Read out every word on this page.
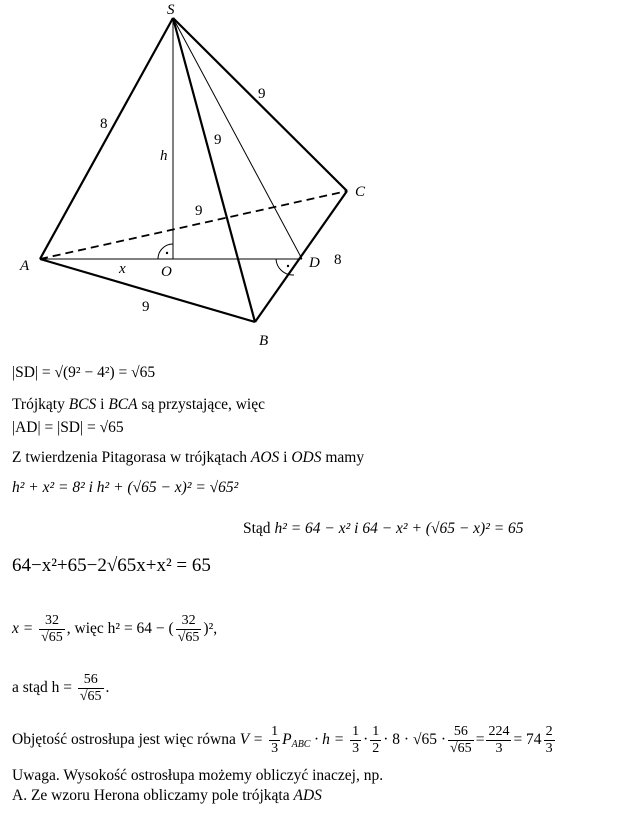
S
A
B
C
O
D
8
9
9
9
9
8
h
x
|SD| = √(9² − 4²) = √65
Trójkąty BCS i BCA są przystające, więc
|AD| = |SD| = √65
Z twierdzenia Pitagorasa w trójkątach AOS i ODS mamy
h² + x² = 8² i h² + (√65 − x)² = √65²
Stąd h² = 64 − x² i 64 − x² + (√65 − x)² = 65
64−x²+65−2√65x+x² = 65
$x = \frac{32}{√65}$ , więc h² = 64 − ( $\frac{32}{√65} )^2$,
a stąd $h = \frac{56}{√65}$ .
Objętość ostrosłupa jest więc równa $V = \frac{1}{3} P_{ABC} \cdot h = \frac{1}{3} \cdot \frac{1}{2} \cdot 8 \cdot √65 \cdot \frac{56}{√65} = \frac{224}{3} = 74 \frac{2}{3}$
Uwaga. Wysokość ostrosłupa możemy obliczyć inaczej, np.
A. Ze wzoru Herona obliczamy pole trójkąta ADS
